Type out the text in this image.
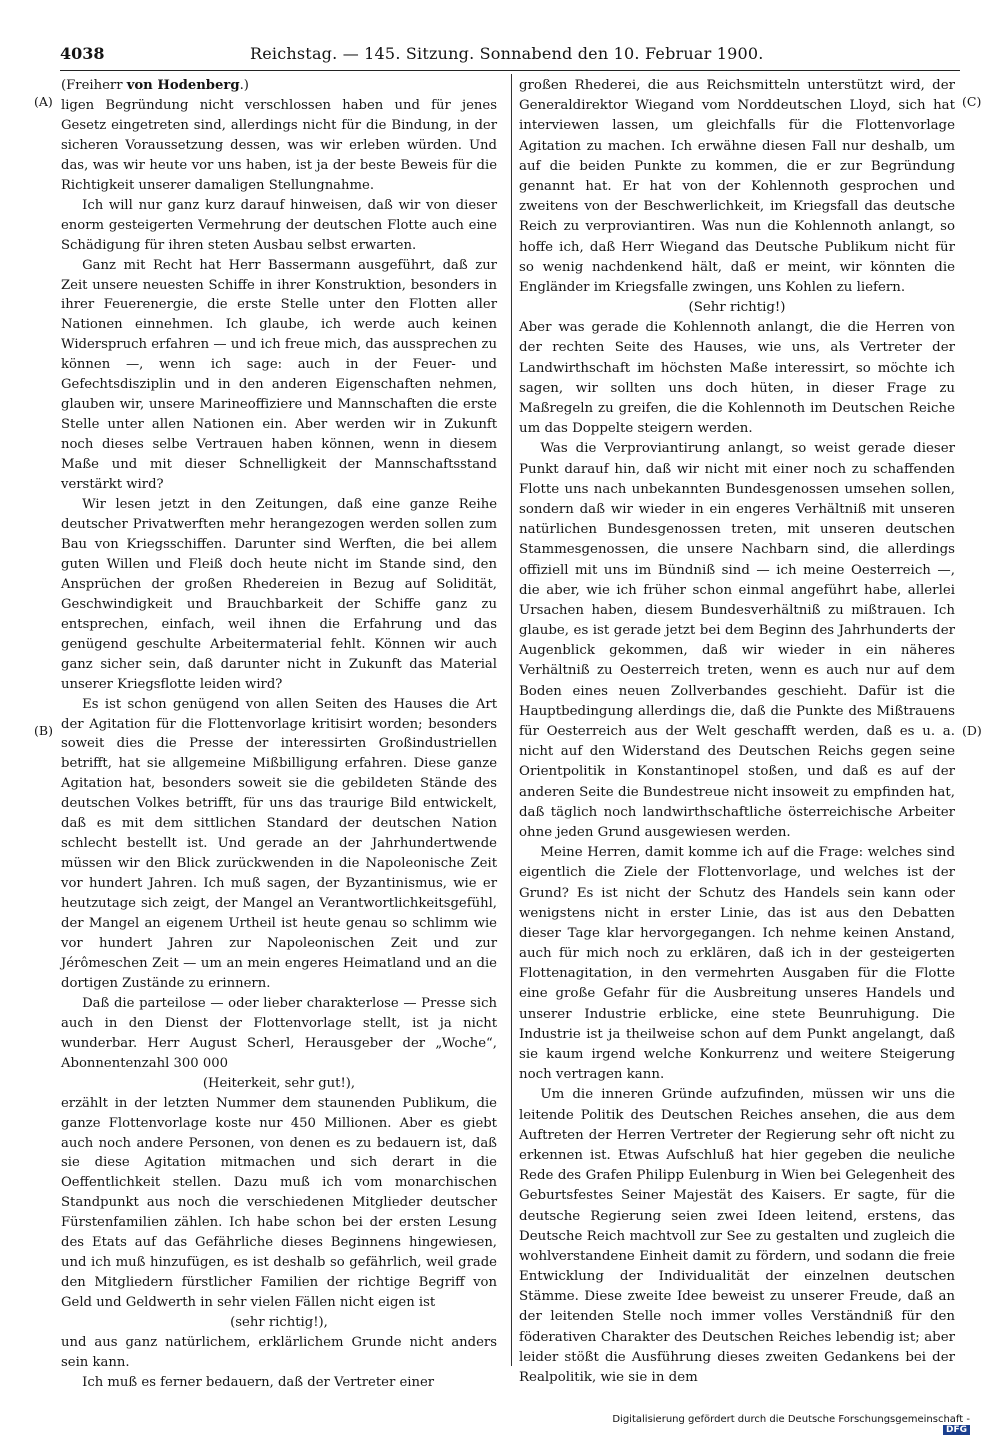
4038	Reichstag. — 145. Sitzung. Sonnabend den 10. Februar 1900.
(A)
(B)
(C)
(D)

(Freiherr von Hodenberg.)

ligen Begründung nicht verschlossen haben und für jenes Gesetz eingetreten sind, allerdings nicht für die Bindung, in der sicheren Voraussetzung dessen, was wir erleben würden. Und das, was wir heute vor uns haben, ist ja der beste Beweis für die Richtigkeit unserer damaligen Stellungnahme.

Ich will nur ganz kurz darauf hinweisen, daß wir von dieser enorm gesteigerten Vermehrung der deutschen Flotte auch eine Schädigung für ihren steten Ausbau selbst erwarten.

Ganz mit Recht hat Herr Bassermann ausgeführt, daß zur Zeit unsere neuesten Schiffe in ihrer Konstruktion, besonders in ihrer Feuerenergie, die erste Stelle unter den Flotten aller Nationen einnehmen. Ich glaube, ich werde auch keinen Widerspruch erfahren — und ich freue mich, das aussprechen zu können —, wenn ich sage: auch in der Feuer- und Gefechtsdisziplin und in den anderen Eigenschaften nehmen, glauben wir, unsere Marineoffiziere und Mannschaften die erste Stelle unter allen Nationen ein. Aber werden wir in Zukunft noch dieses selbe Vertrauen haben können, wenn in diesem Maße und mit dieser Schnelligkeit der Mannschaftsstand verstärkt wird?

Wir lesen jetzt in den Zeitungen, daß eine ganze Reihe deutscher Privatwerften mehr herangezogen werden sollen zum Bau von Kriegsschiffen. Darunter sind Werften, die bei allem guten Willen und Fleiß doch heute nicht im Stande sind, den Ansprüchen der großen Rhedereien in Bezug auf Solidität, Geschwindigkeit und Brauchbarkeit der Schiffe ganz zu entsprechen, einfach, weil ihnen die Erfahrung und das genügend geschulte Arbeitermaterial fehlt. Können wir auch ganz sicher sein, daß darunter nicht in Zukunft das Material unserer Kriegsflotte leiden wird?

Es ist schon genügend von allen Seiten des Hauses die Art der Agitation für die Flottenvorlage kritisirt worden; besonders soweit dies die Presse der interessirten Großindustriellen betrifft, hat sie allgemeine Mißbilligung erfahren. Diese ganze Agitation hat, besonders soweit sie die gebildeten Stände des deutschen Volkes betrifft, für uns das traurige Bild entwickelt, daß es mit dem sittlichen Standard der deutschen Nation schlecht bestellt ist. Und gerade an der Jahrhundertwende müssen wir den Blick zurückwenden in die Napoleonische Zeit vor hundert Jahren. Ich muß sagen, der Byzantinismus, wie er heutzutage sich zeigt, der Mangel an Verantwortlichkeitsgefühl, der Mangel an eigenem Urtheil ist heute genau so schlimm wie vor hundert Jahren zur Napoleonischen Zeit und zur Jérômeschen Zeit — um an mein engeres Heimatland und an die dortigen Zustände zu erinnern.

Daß die parteilose — oder lieber charakterlose — Presse sich auch in den Dienst der Flottenvorlage stellt, ist ja nicht wunderbar. Herr August Scherl, Herausgeber der „Woche“, Abonnentenzahl 300 000

(Heiterkeit, sehr gut!),

erzählt in der letzten Nummer dem staunenden Publikum, die ganze Flottenvorlage koste nur 450 Millionen. Aber es giebt auch noch andere Personen, von denen es zu bedauern ist, daß sie diese Agitation mitmachen und sich derart in die Oeffentlichkeit stellen. Dazu muß ich vom monarchischen Standpunkt aus noch die verschiedenen Mitglieder deutscher Fürstenfamilien zählen. Ich habe schon bei der ersten Lesung des Etats auf das Gefährliche dieses Beginnens hingewiesen, und ich muß hinzufügen, es ist deshalb so gefährlich, weil grade den Mitgliedern fürstlicher Familien der richtige Begriff von Geld und Geldwerth in sehr vielen Fällen nicht eigen ist

(sehr richtig!),

und aus ganz natürlichem, erklärlichem Grunde nicht anders sein kann.

Ich muß es ferner bedauern, daß der Vertreter einer

großen Rhederei, die aus Reichsmitteln unterstützt wird, der Generaldirektor Wiegand vom Norddeutschen Lloyd, sich hat interviewen lassen, um gleichfalls für die Flottenvorlage Agitation zu machen. Ich erwähne diesen Fall nur deshalb, um auf die beiden Punkte zu kommen, die er zur Begründung genannt hat. Er hat von der Kohlennoth gesprochen und zweitens von der Beschwerlichkeit, im Kriegsfall das deutsche Reich zu verproviantiren. Was nun die Kohlennoth anlangt, so hoffe ich, daß Herr Wiegand das Deutsche Publikum nicht für so wenig nachdenkend hält, daß er meint, wir könnten die Engländer im Kriegsfalle zwingen, uns Kohlen zu liefern.

(Sehr richtig!)

Aber was gerade die Kohlennoth anlangt, die die Herren von der rechten Seite des Hauses, wie uns, als Vertreter der Landwirthschaft im höchsten Maße interessirt, so möchte ich sagen, wir sollten uns doch hüten, in dieser Frage zu Maßregeln zu greifen, die die Kohlennoth im Deutschen Reiche um das Doppelte steigern werden.

Was die Verproviantirung anlangt, so weist gerade dieser Punkt darauf hin, daß wir nicht mit einer noch zu schaffenden Flotte uns nach unbekannten Bundesgenossen umsehen sollen, sondern daß wir wieder in ein engeres Verhältniß mit unseren natürlichen Bundesgenossen treten, mit unseren deutschen Stammesgenossen, die unsere Nachbarn sind, die allerdings offiziell mit uns im Bündniß sind — ich meine Oesterreich —, die aber, wie ich früher schon einmal angeführt habe, allerlei Ursachen haben, diesem Bundesverhältniß zu mißtrauen. Ich glaube, es ist gerade jetzt bei dem Beginn des Jahrhunderts der Augenblick gekommen, daß wir wieder in ein näheres Verhältniß zu Oesterreich treten, wenn es auch nur auf dem Boden eines neuen Zollverbandes geschieht. Dafür ist die Hauptbedingung allerdings die, daß die Punkte des Mißtrauens für Oesterreich aus der Welt geschafft werden, daß es u. a. nicht auf den Widerstand des Deutschen Reichs gegen seine Orientpolitik in Konstantinopel stoßen, und daß es auf der anderen Seite die Bundestreue nicht insoweit zu empfinden hat, daß täglich noch landwirthschaftliche österreichische Arbeiter ohne jeden Grund ausgewiesen werden.

Meine Herren, damit komme ich auf die Frage: welches sind eigentlich die Ziele der Flottenvorlage, und welches ist der Grund? Es ist nicht der Schutz des Handels sein kann oder wenigstens nicht in erster Linie, das ist aus den Debatten dieser Tage klar hervorgegangen. Ich nehme keinen Anstand, auch für mich noch zu erklären, daß ich in der gesteigerten Flottenagitation, in den vermehrten Ausgaben für die Flotte eine große Gefahr für die Ausbreitung unseres Handels und unserer Industrie erblicke, eine stete Beunruhigung. Die Industrie ist ja theilweise schon auf dem Punkt angelangt, daß sie kaum irgend welche Konkurrenz und weitere Steigerung noch vertragen kann.

Um die inneren Gründe aufzufinden, müssen wir uns die leitende Politik des Deutschen Reiches ansehen, die aus dem Auftreten der Herren Vertreter der Regierung sehr oft nicht zu erkennen ist. Etwas Aufschluß hat hier gegeben die neuliche Rede des Grafen Philipp Eulenburg in Wien bei Gelegenheit des Geburtsfestes Seiner Majestät des Kaisers. Er sagte, für die deutsche Regierung seien zwei Ideen leitend, erstens, das Deutsche Reich machtvoll zur See zu gestalten und zugleich die wohlverstandene Einheit damit zu fördern, und sodann die freie Entwicklung der Individualität der einzelnen deutschen Stämme. Diese zweite Idee beweist zu unserer Freude, daß an der leitenden Stelle noch immer volles Verständniß für den föderativen Charakter des Deutschen Reiches lebendig ist; aber leider stößt die Ausführung dieses zweiten Gedankens bei der Realpolitik, wie sie in dem

Digitalisierung gefördert durch die Deutsche Forschungsgemeinschaft - DFG
